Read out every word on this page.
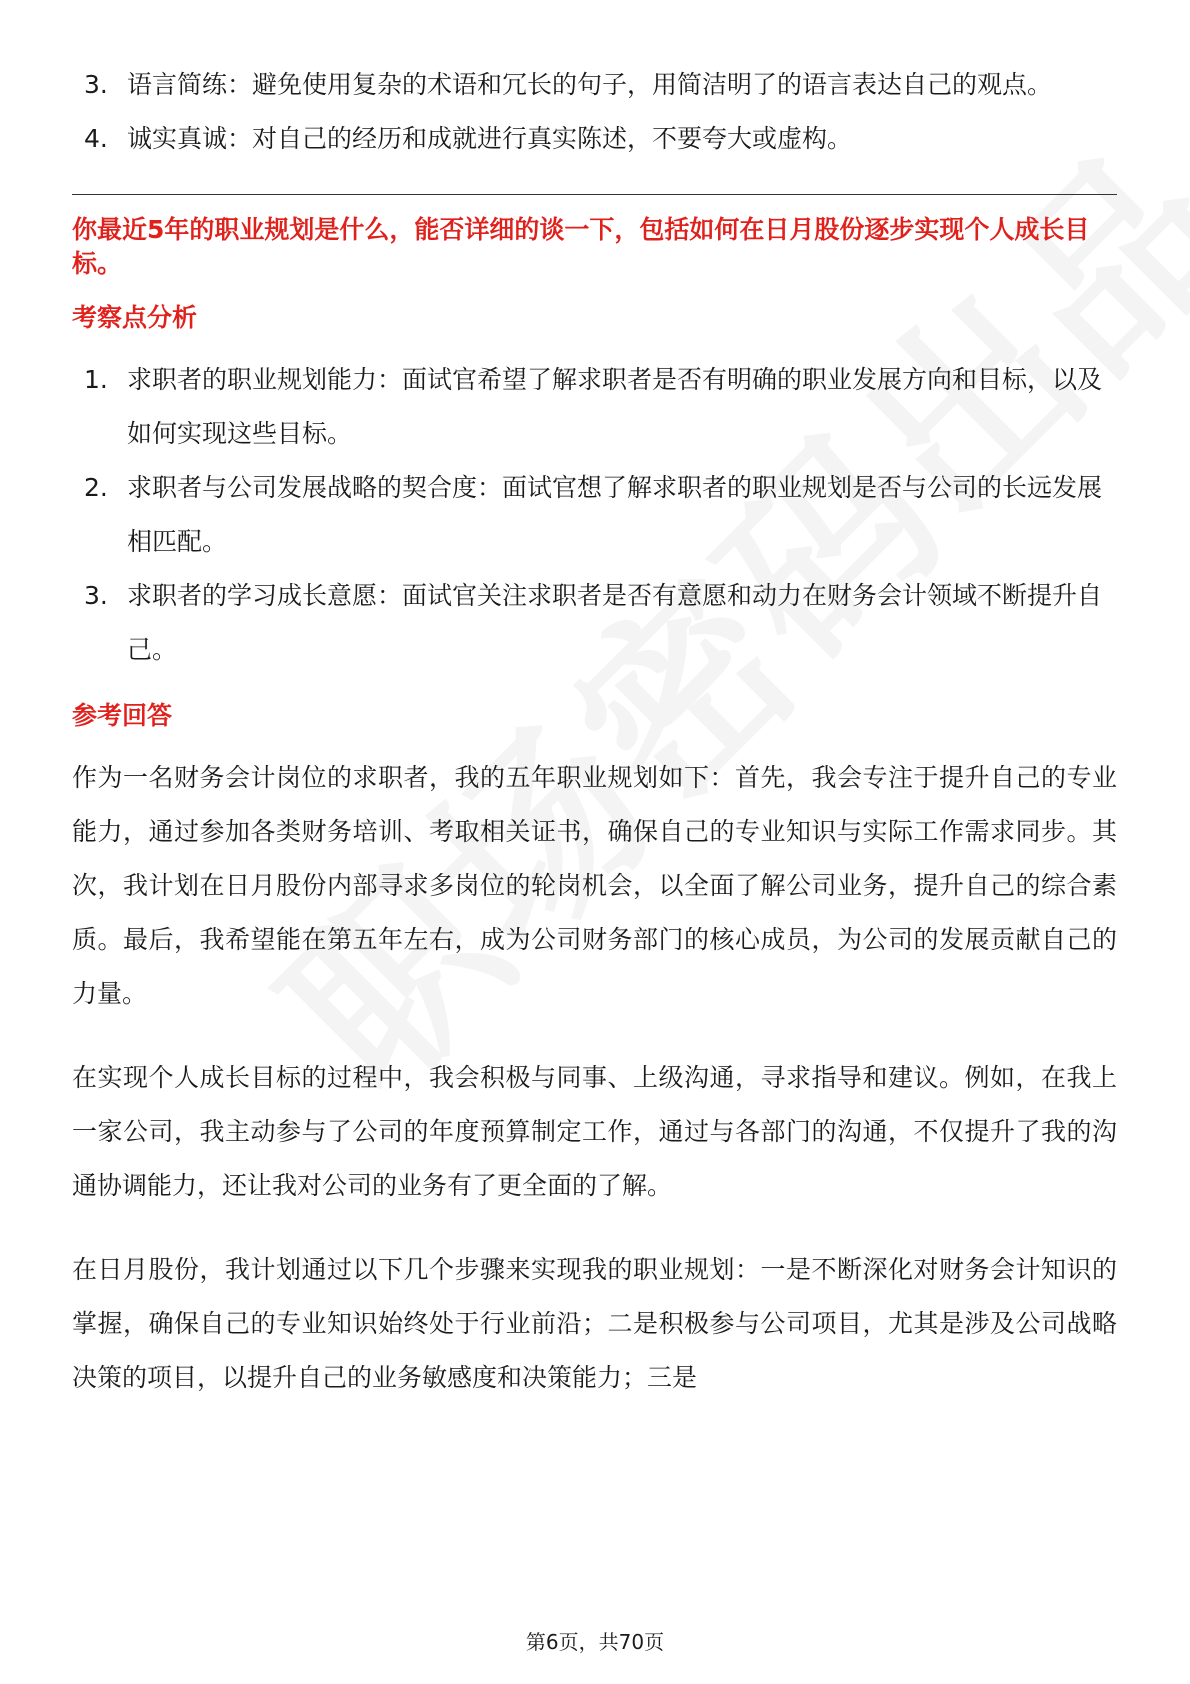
3. 语言简练：避免使用复杂的术语和冗长的句子，用简洁明了的语言表达自己的观点。
4. 诚实真诚：对自己的经历和成就进行真实陈述，不要夸大或虚构。

你最近5年的职业规划是什么，能否详细的谈一下，包括如何在日月股份逐步实现个人成长目标。

考察点分析

1. 求职者的职业规划能力：面试官希望了解求职者是否有明确的职业发展方向和目标，以及如何实现这些目标。
2. 求职者与公司发展战略的契合度：面试官想了解求职者的职业规划是否与公司的长远发展相匹配。
3. 求职者的学习成长意愿：面试官关注求职者是否有意愿和动力在财务会计领域不断提升自己。

参考回答

作为一名财务会计岗位的求职者，我的五年职业规划如下：首先，我会专注于提升自己的专业能力，通过参加各类财务培训、考取相关证书，确保自己的专业知识与实际工作需求同步。其次，我计划在日月股份内部寻求多岗位的轮岗机会，以全面了解公司业务，提升自己的综合素质。最后，我希望能在第五年左右，成为公司财务部门的核心成员，为公司的发展贡献自己的力量。

在实现个人成长目标的过程中，我会积极与同事、上级沟通，寻求指导和建议。例如，在我上一家公司，我主动参与了公司的年度预算制定工作，通过与各部门的沟通，不仅提升了我的沟通协调能力，还让我对公司的业务有了更全面的了解。

在日月股份，我计划通过以下几个步骤来实现我的职业规划：一是不断深化对财务会计知识的掌握，确保自己的专业知识始终处于行业前沿；二是积极参与公司项目，尤其是涉及公司战略决策的项目，以提升自己的业务敏感度和决策能力；三是

第6页，共70页
